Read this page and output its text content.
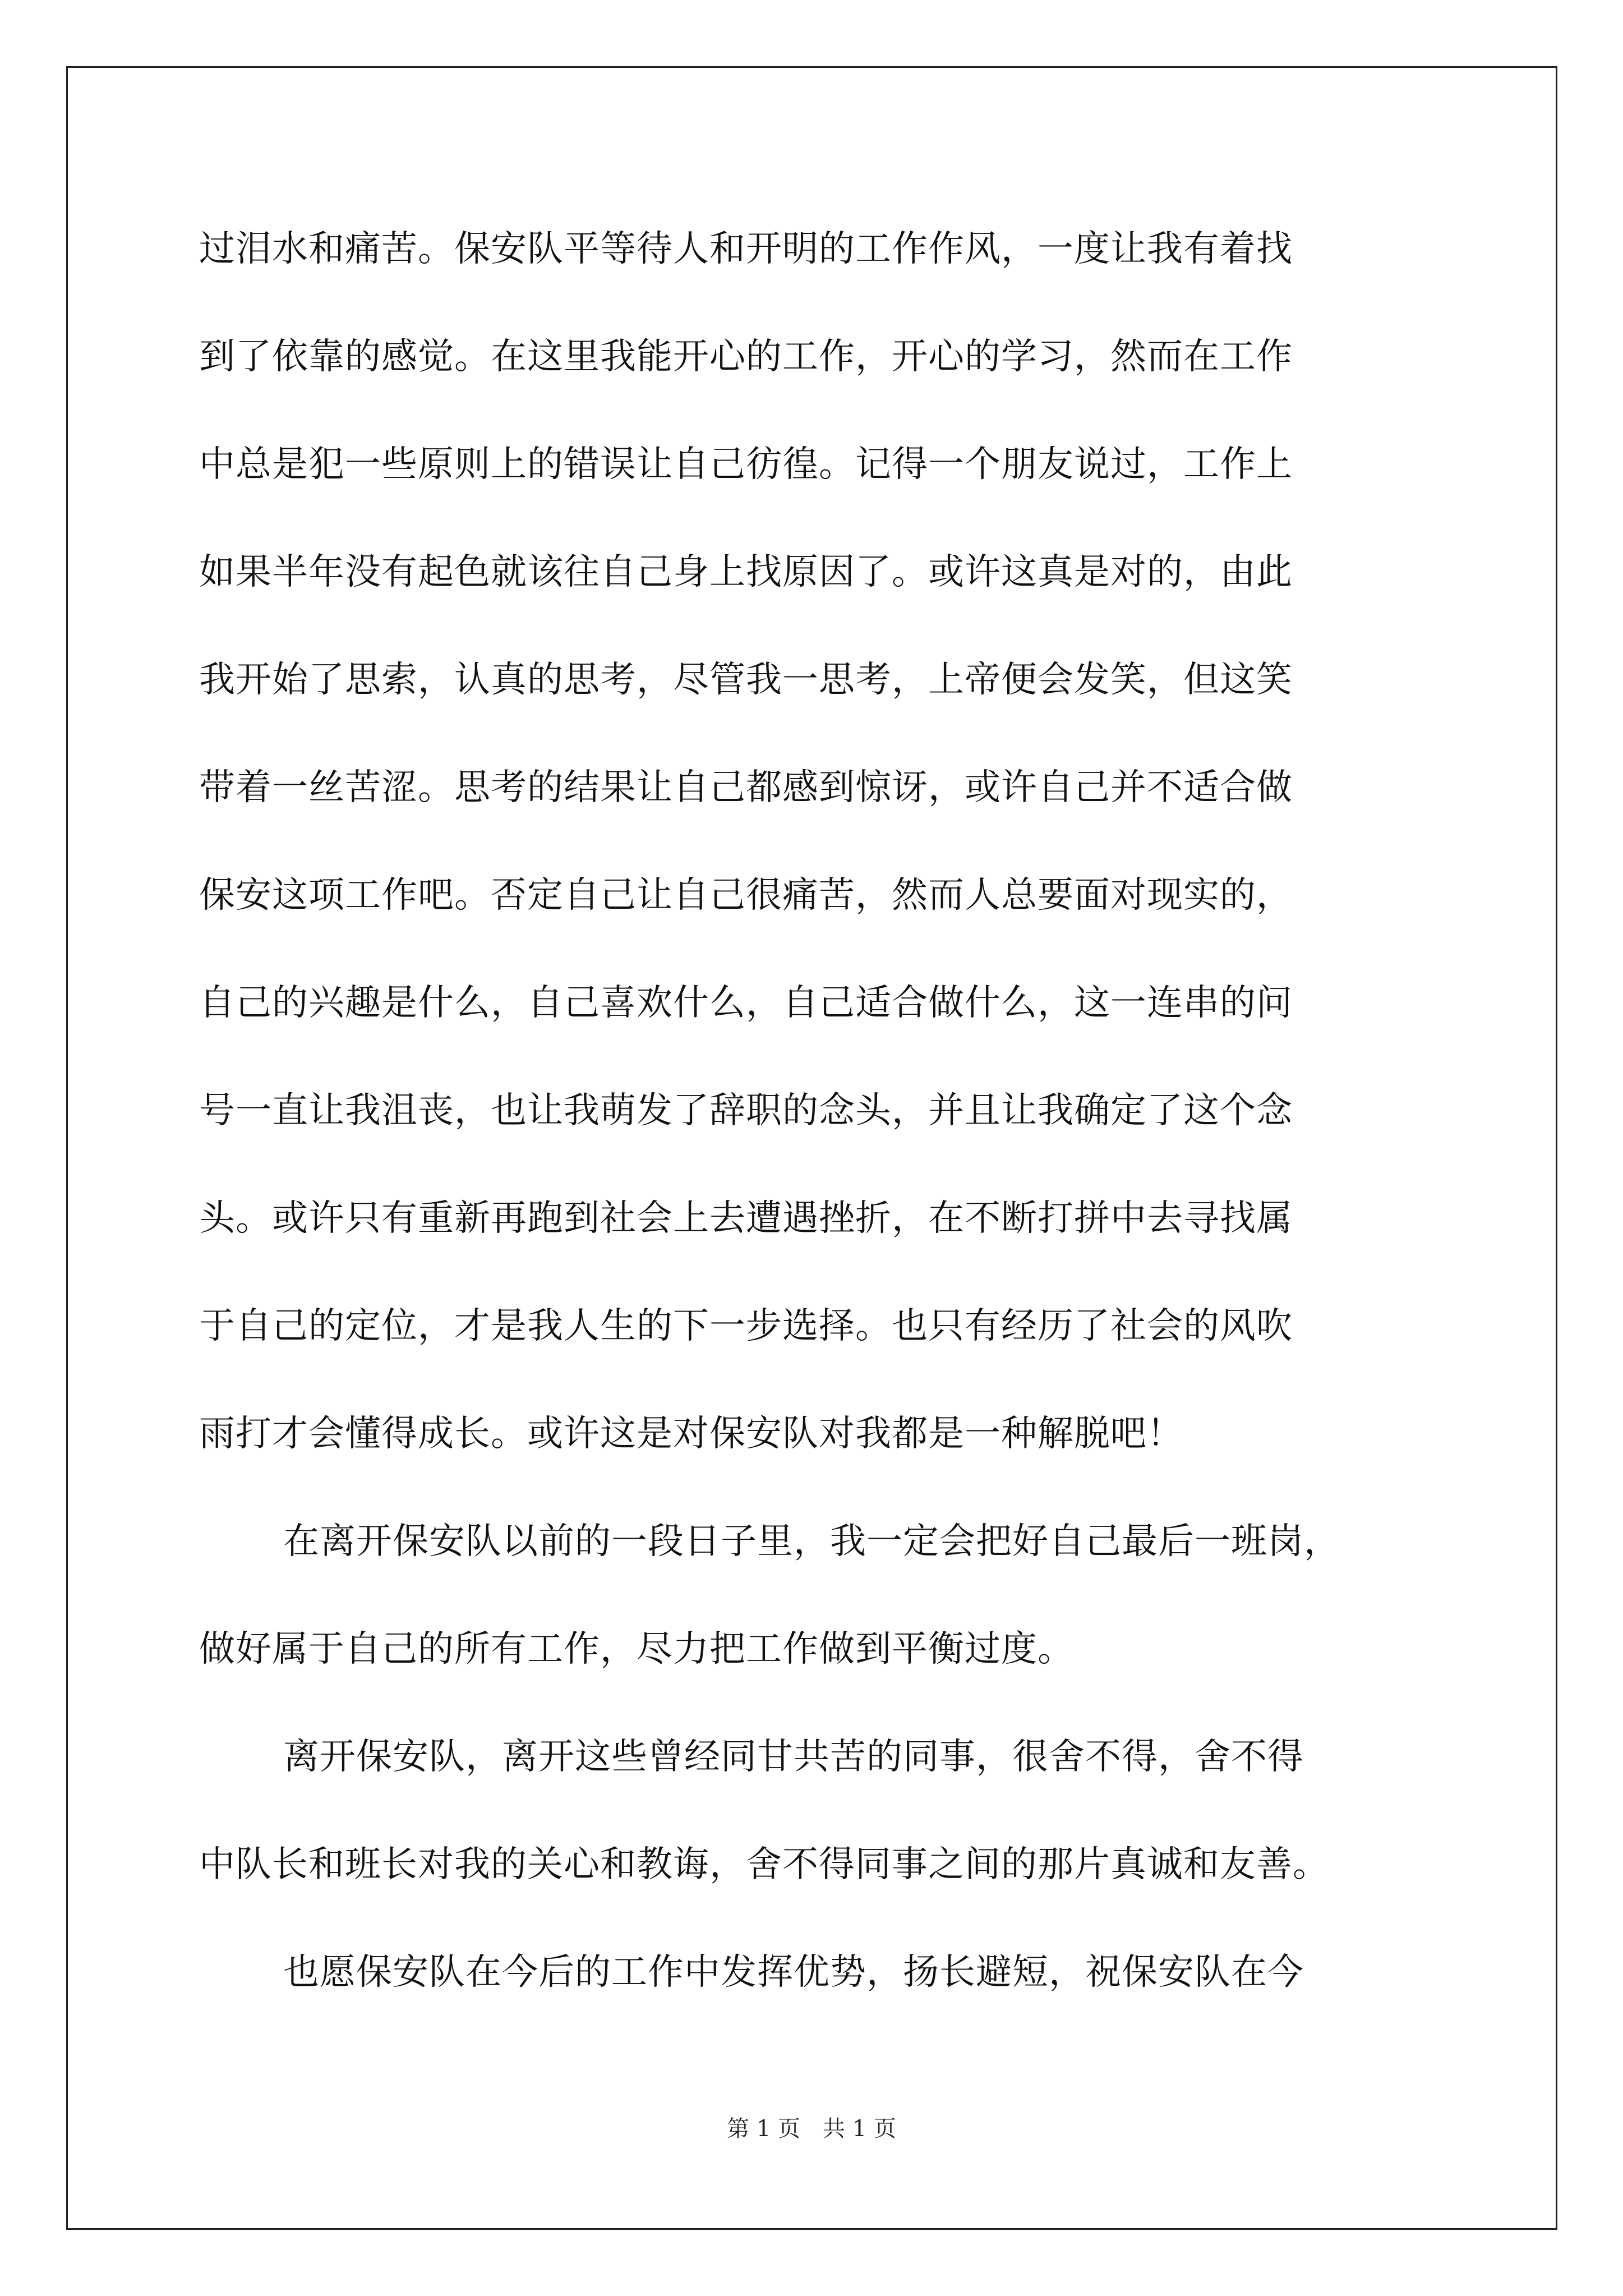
过泪水和痛苦。保安队平等待人和开明的工作作风，一度让我有着找
到了依靠的感觉。在这里我能开心的工作，开心的学习，然而在工作
中总是犯一些原则上的错误让自己彷徨。记得一个朋友说过，工作上
如果半年没有起色就该往自己身上找原因了。或许这真是对的，由此
我开始了思索，认真的思考，尽管我一思考，上帝便会发笑，但这笑
带着一丝苦涩。思考的结果让自己都感到惊讶，或许自己并不适合做
保安这项工作吧。否定自己让自己很痛苦，然而人总要面对现实的，
自己的兴趣是什么，自己喜欢什么，自己适合做什么，这一连串的问
号一直让我沮丧，也让我萌发了辞职的念头，并且让我确定了这个念
头。或许只有重新再跑到社会上去遭遇挫折，在不断打拼中去寻找属
于自己的定位，才是我人生的下一步选择。也只有经历了社会的风吹
雨打才会懂得成长。或许这是对保安队对我都是一种解脱吧！
在离开保安队以前的一段日子里，我一定会把好自己最后一班岗，
做好属于自己的所有工作，尽力把工作做到平衡过度。
离开保安队，离开这些曾经同甘共苦的同事，很舍不得，舍不得
中队长和班长对我的关心和教诲，舍不得同事之间的那片真诚和友善。
也愿保安队在今后的工作中发挥优势，扬长避短，祝保安队在今
第 1 页　共 1 页
